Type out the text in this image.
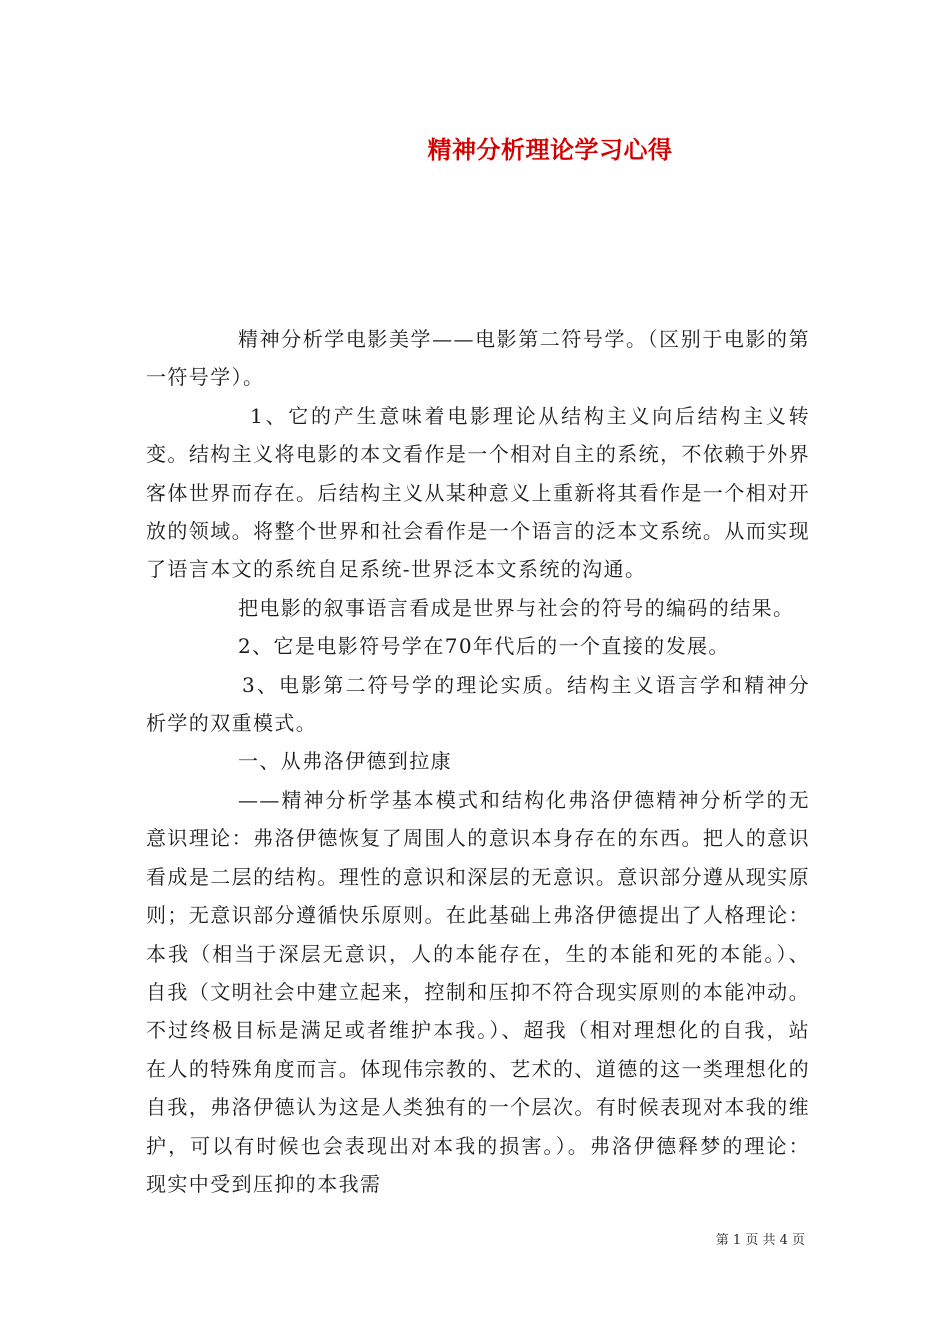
精神分析理论学习心得

精神分析学电影美学——电影第二符号学。（区别于电影的第一符号学）。

1、它的产生意味着电影理论从结构主义向后结构主义转变。结构主义将电影的本文看作是一个相对自主的系统，不依赖于外界客体世界而存在。后结构主义从某种意义上重新将其看作是一个相对开放的领域。将整个世界和社会看作是一个语言的泛本文系统。从而实现了语言本文的系统自足系统-世界泛本文系统的沟通。

把电影的叙事语言看成是世界与社会的符号的编码的结果。

2、它是电影符号学在70年代后的一个直接的发展。

3、电影第二符号学的理论实质。结构主义语言学和精神分析学的双重模式。

一、从弗洛伊德到拉康

——精神分析学基本模式和结构化弗洛伊德精神分析学的无意识理论：弗洛伊德恢复了周围人的意识本身存在的东西。把人的意识看成是二层的结构。理性的意识和深层的无意识。意识部分遵从现实原则；无意识部分遵循快乐原则。在此基础上弗洛伊德提出了人格理论：本我（相当于深层无意识，人的本能存在，生的本能和死的本能。）、自我（文明社会中建立起来，控制和压抑不符合现实原则的本能冲动。不过终极目标是满足或者维护本我。）、超我（相对理想化的自我，站在人的特殊角度而言。体现伟宗教的、艺术的、道德的这一类理想化的自我，弗洛伊德认为这是人类独有的一个层次。有时候表现对本我的维护，可以有时候也会表现出对本我的损害。）。弗洛伊德释梦的理论：现实中受到压抑的本我需

第 1 页 共 4 页
